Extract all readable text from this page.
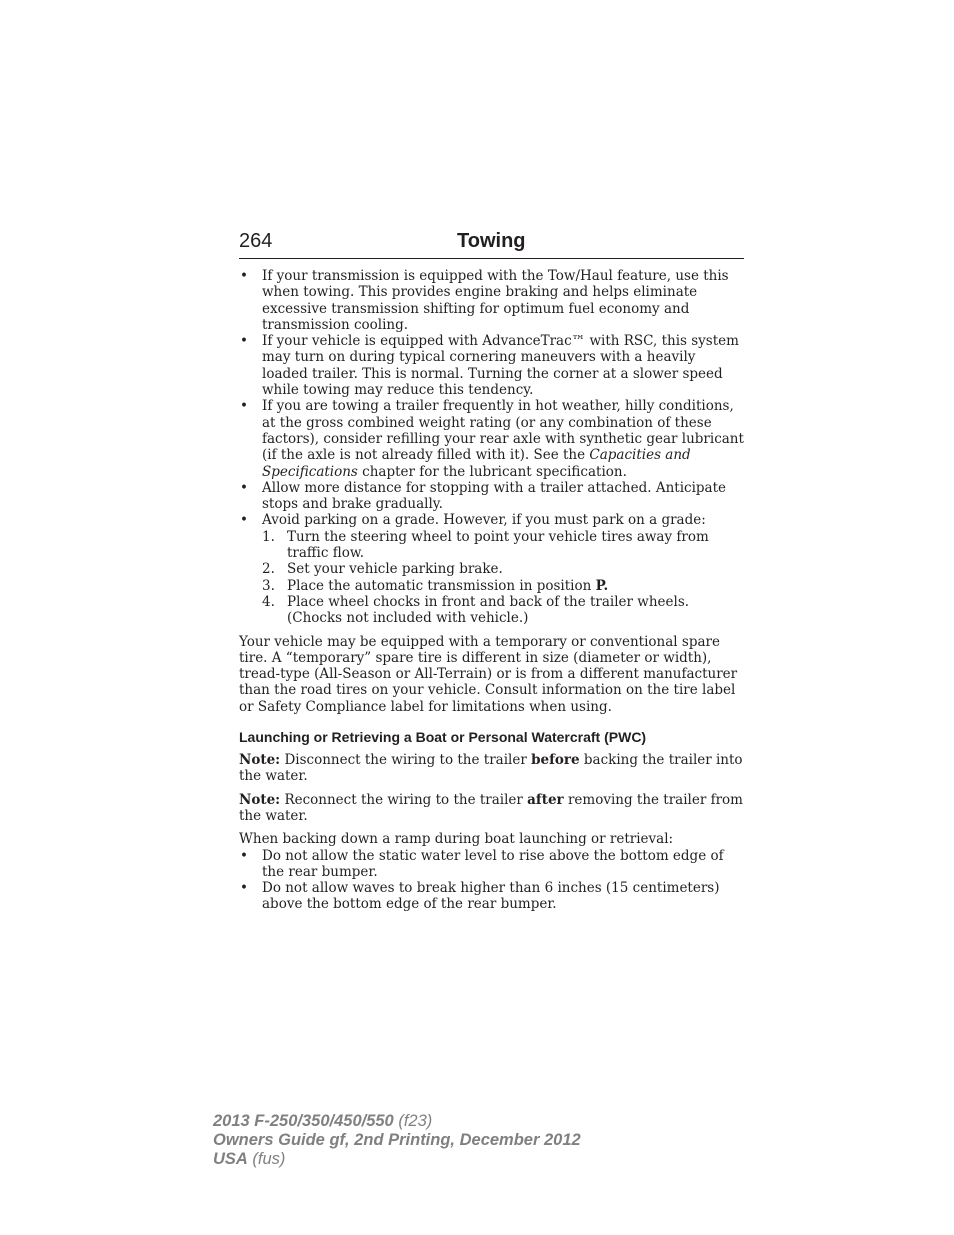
264	Towing
• If your transmission is equipped with the Tow/Haul feature, use this when towing. This provides engine braking and helps eliminate excessive transmission shifting for optimum fuel economy and transmission cooling.
• If your vehicle is equipped with AdvanceTrac™ with RSC, this system may turn on during typical cornering maneuvers with a heavily loaded trailer. This is normal. Turning the corner at a slower speed while towing may reduce this tendency.
• If you are towing a trailer frequently in hot weather, hilly conditions, at the gross combined weight rating (or any combination of these factors), consider refilling your rear axle with synthetic gear lubricant (if the axle is not already filled with it). See the Capacities and Specifications chapter for the lubricant specification.
• Allow more distance for stopping with a trailer attached. Anticipate stops and brake gradually.
• Avoid parking on a grade. However, if you must park on a grade:
1. Turn the steering wheel to point your vehicle tires away from traffic flow.
2. Set your vehicle parking brake.
3. Place the automatic transmission in position P.
4. Place wheel chocks in front and back of the trailer wheels. (Chocks not included with vehicle.)

Your vehicle may be equipped with a temporary or conventional spare tire. A “temporary” spare tire is different in size (diameter or width), tread-type (All-Season or All-Terrain) or is from a different manufacturer than the road tires on your vehicle. Consult information on the tire label or Safety Compliance label for limitations when using.

Launching or Retrieving a Boat or Personal Watercraft (PWC)

Note: Disconnect the wiring to the trailer before backing the trailer into the water.

Note: Reconnect the wiring to the trailer after removing the trailer from the water.

When backing down a ramp during boat launching or retrieval:

• Do not allow the static water level to rise above the bottom edge of the rear bumper.
• Do not allow waves to break higher than 6 inches (15 centimeters) above the bottom edge of the rear bumper.
2013 F-250/350/450/550 (f23)
Owners Guide gf, 2nd Printing, December 2012
USA (fus)
